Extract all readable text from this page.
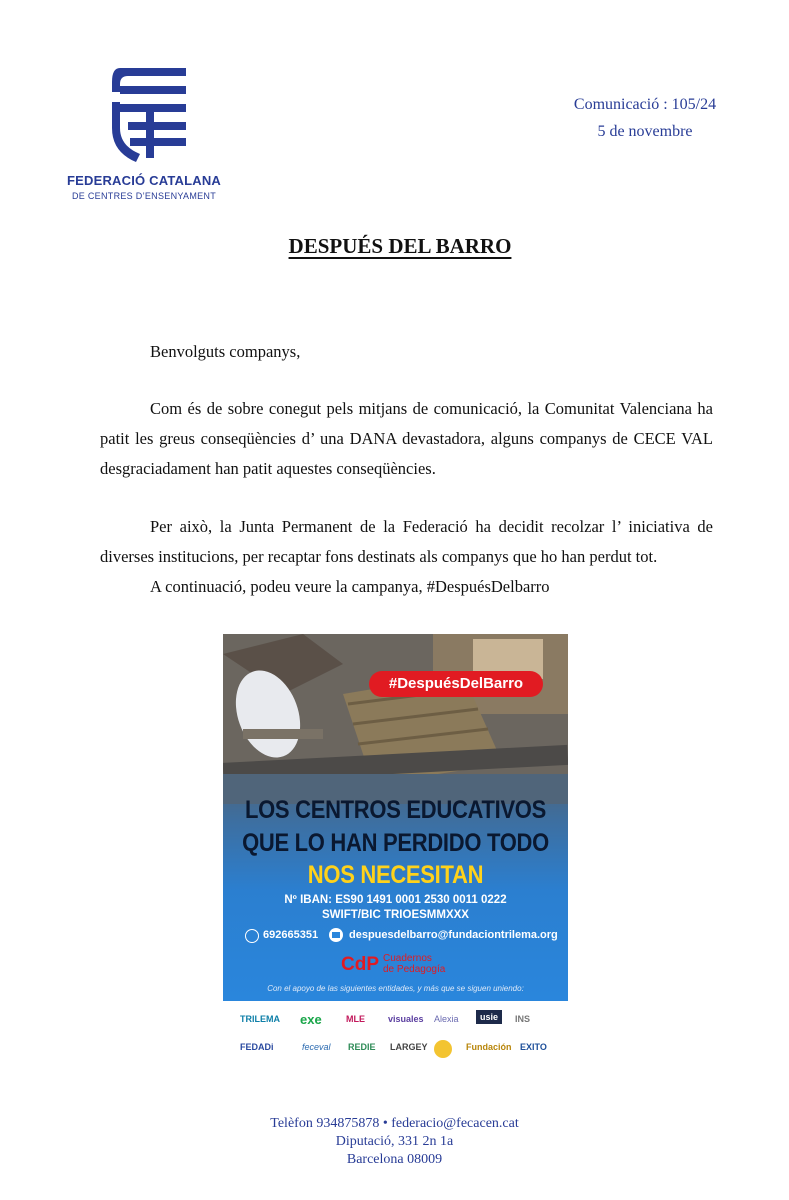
FEDERACIÓ CATALANA
DE CENTRES D’ENSENYAMENT
Comunicació : 105/24
5 de novembre
DESPUÉS DEL BARRO
Benvolguts companys,
Com és de sobre conegut pels mitjans de comunicació, la Comunitat Valenciana ha patit les greus conseqüències d’ una DANA devastadora, alguns companys de CECE VAL desgraciadament han patit aquestes conseqüències.
Per això, la Junta Permanent de la Federació ha decidit recolzar l’ iniciativa de diverses institucions, per recaptar fons destinats als companys que ho han perdut tot.
A continuació, podeu veure la campanya, #DespuésDelbarro
#DespuésDelBarro
LOS CENTROS EDUCATIVOS
QUE LO HAN PERDIDO TODO
NOS NECESITAN
Nº IBAN: ES90 1491 0001 2530 0011 0222
SWIFT/BIC TRIOESMMXXX
692665351	despuesdelbarro@fundaciontrilema.org
CdP Cuadernos
de Pedagogía
Con el apoyo de las siguientes entidades, y más que se siguen uniendo:
TRILEMA exe	MLE	visuales Alexia	usie	INS
FEDADi	feceval REDIE LARGEY	Fundación EXITO
Telèfon 934875878 • federacio@fecacen.cat
Diputació, 331 2n 1a
Barcelona 08009
